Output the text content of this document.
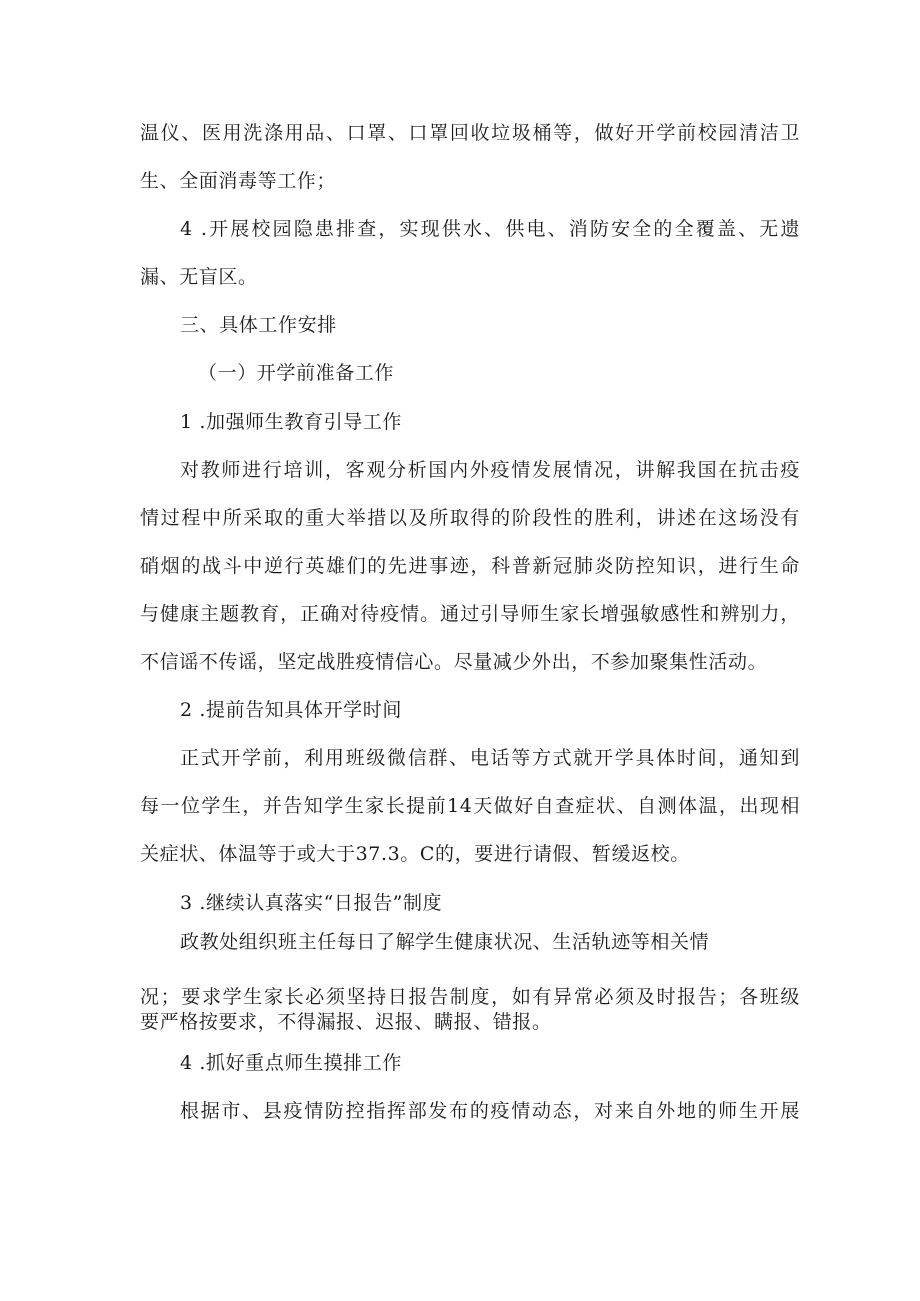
温仪、医用洗涤用品、口罩、口罩回收垃圾桶等，做好开学前校园清洁卫
生、全面消毒等工作；
4 .开展校园隐患排查，实现供水、供电、消防安全的全覆盖、无遗
漏、无盲区。
三、具体工作安排
（一）开学前准备工作
1 .加强师生教育引导工作
对教师进行培训，客观分析国内外疫情发展情况，讲解我国在抗击疫
情过程中所采取的重大举措以及所取得的阶段性的胜利，讲述在这场没有
硝烟的战斗中逆行英雄们的先进事迹，科普新冠肺炎防控知识，进行生命
与健康主题教育，正确对待疫情。通过引导师生家长增强敏感性和辨别力，
不信谣不传谣，坚定战胜疫情信心。尽量减少外出，不参加聚集性活动。
2 .提前告知具体开学时间
正式开学前，利用班级微信群、电话等方式就开学具体时间，通知到
每一位学生，并告知学生家长提前14天做好自查症状、自测体温，出现相
关症状、体温等于或大于37.3。C的，要进行请假、暂缓返校。
3 .继续认真落实“日报告”制度
政教处组织班主任每日了解学生健康状况、生活轨迹等相关情
况；要求学生家长必须坚持日报告制度，如有异常必须及时报告；各班级
要严格按要求，不得漏报、迟报、瞒报、错报。
4 .抓好重点师生摸排工作
根据市、县疫情防控指挥部发布的疫情动态，对来自外地的师生开展
